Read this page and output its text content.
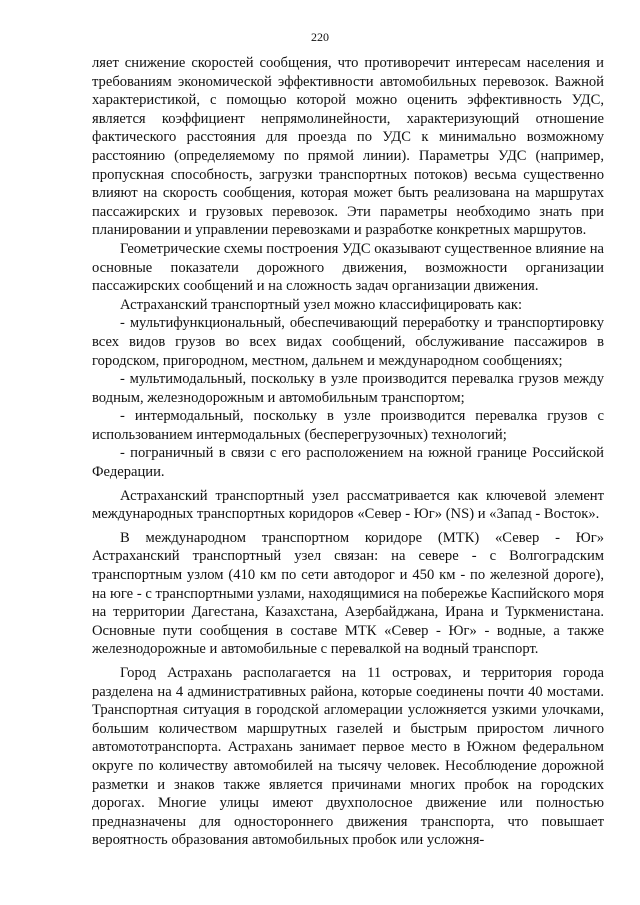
220

ляет снижение скоростей сообщения, что противоречит интересам населения и требованиям экономической эффективности автомобильных перевозок. Важной характеристикой, с помощью которой можно оценить эффективность УДС, является коэффициент непрямолинейности, характеризующий отношение фактического расстояния для проезда по УДС к минимально возможному расстоянию (определяемому по прямой линии). Параметры УДС (например, пропускная способность, загрузки транспортных потоков) весьма существенно влияют на скорость сообщения, которая может быть реализована на маршрутах пассажирских и грузовых перевозок. Эти параметры необходимо знать при планировании и управлении перевозками и разработке конкретных маршрутов.

Геометрические схемы построения УДС оказывают существенное влияние на основные показатели дорожного движения, возможности организации пассажирских сообщений и на сложность задач организации движения.

Астраханский транспортный узел можно классифицировать как:

- мультифункциональный, обеспечивающий переработку и транспортировку всех видов грузов во всех видах сообщений, обслуживание пассажиров в городском, пригородном, местном, дальнем и международном сообщениях;

- мультимодальный, поскольку в узле производится перевалка грузов между водным, железнодорожным и автомобильным транспортом;

- интермодальный, поскольку в узле производится перевалка грузов с использованием интермодальных (бесперегрузочных) технологий;

- пограничный в связи с его расположением на южной границе Российской Федерации.

Астраханский транспортный узел рассматривается как ключевой элемент международных транспортных коридоров «Север - Юг» (NS) и «Запад - Восток».

В международном транспортном коридоре (МТК) «Север - Юг» Астраханский транспортный узел связан: на севере - с Волгоградским транспортным узлом (410 км по сети автодорог и 450 км - по железной дороге), на юге - с транспортными узлами, находящимися на побережье Каспийского моря на территории Дагестана, Казахстана, Азербайджана, Ирана и Туркменистана. Основные пути сообщения в составе МТК «Север - Юг» - водные, а также железнодорожные и автомобильные с перевалкой на водный транспорт.

Город Астрахань располагается на 11 островах, и территория города разделена на 4 административных района, которые соединены почти 40 мостами. Транспортная ситуация в городской агломерации усложняется узкими улочками, большим количеством маршрутных газелей и быстрым приростом личного автомототранспорта. Астрахань занимает первое место в Южном федеральном округе по количеству автомобилей на тысячу человек. Несоблюдение дорожной разметки и знаков также является причинами многих пробок на городских дорогах. Многие улицы имеют двухполосное движение или полностью предназначены для одностороннего движения транспорта, что повышает вероятность образования автомобильных пробок или усложня-
